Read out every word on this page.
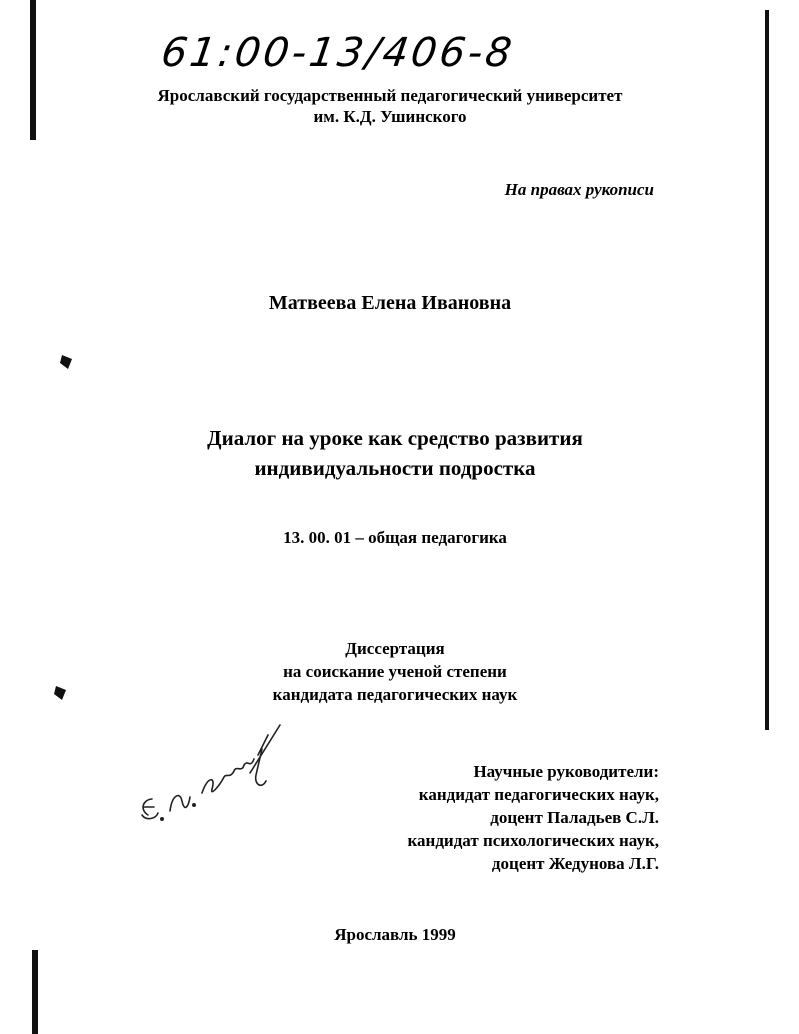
61:00-13/406-8
Ярославский государственный педагогический университет
им. К.Д. Ушинского
На правах рукописи
Матвеева Елена Ивановна
Диалог на уроке как средство развития
индивидуальности подростка
13. 00. 01 – общая педагогика
Диссертация
на соискание ученой степени
кандидата педагогических наук
Научные руководители:
кандидат педагогических наук,
доцент Паладьев С.Л.
кандидат психологических наук,
доцент Жедунова Л.Г.
Ярославль 1999
